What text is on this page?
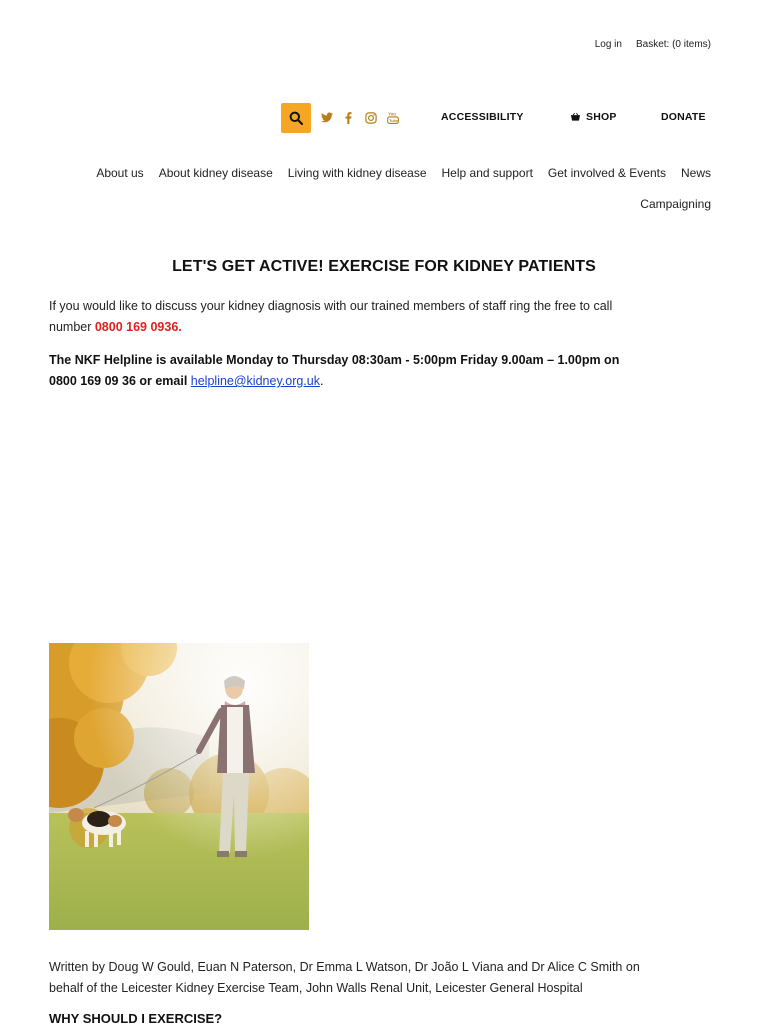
Log in Basket: (0 items)
You
Tube	ACCESSIBILITY	SHOP	DONATE
About us About kidney disease Living with kidney disease Help and support Get involved & Events News
Campaigning
LET'S GET ACTIVE! EXERCISE FOR KIDNEY PATIENTS

If you would like to discuss your kidney diagnosis with our trained members of staff ring the free to call number 0800 169 0936.

The NKF Helpline is available Monday to Thursday 08:30am - 5:00pm Friday 9.00am – 1.00pm on 0800 169 09 36 or email helpline@kidney.org.uk.

Written by Doug W Gould, Euan N Paterson, Dr Emma L Watson, Dr João L Viana and Dr Alice C Smith on behalf of the Leicester Kidney Exercise Team, John Walls Renal Unit, Leicester General Hospital

WHY SHOULD I EXERCISE?
